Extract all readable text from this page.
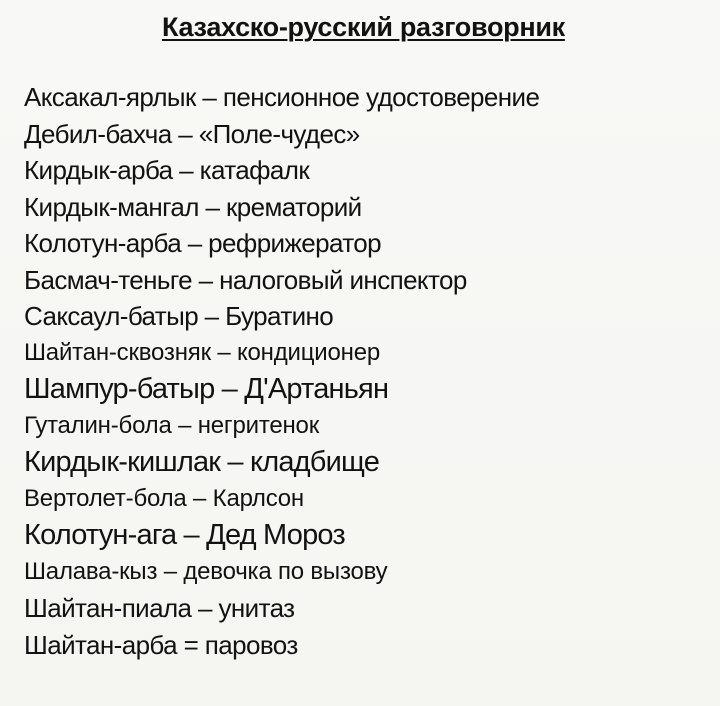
Казахско-русский разговорник
Аксакал-ярлык – пенсионное удостоверение
Дебил-бахча – «Поле-чудес»
Кирдык-арба – катафалк
Кирдык-мангал – крематорий
Колотун-арба – рефрижератор
Басмач-теньге – налоговый инспектор
Саксаул-батыр – Буратино
Шайтан-сквозняк – кондиционер
Шампур-батыр – Д'Артаньян
Гуталин-бола – негритенок
Кирдык-кишлак – кладбище
Вертолет-бола – Карлсон
Колотун-ага – Дед Мороз
Шалава-кыз – девочка по вызову
Шайтан-пиала – унитаз
Шайтан-арба = паровоз
